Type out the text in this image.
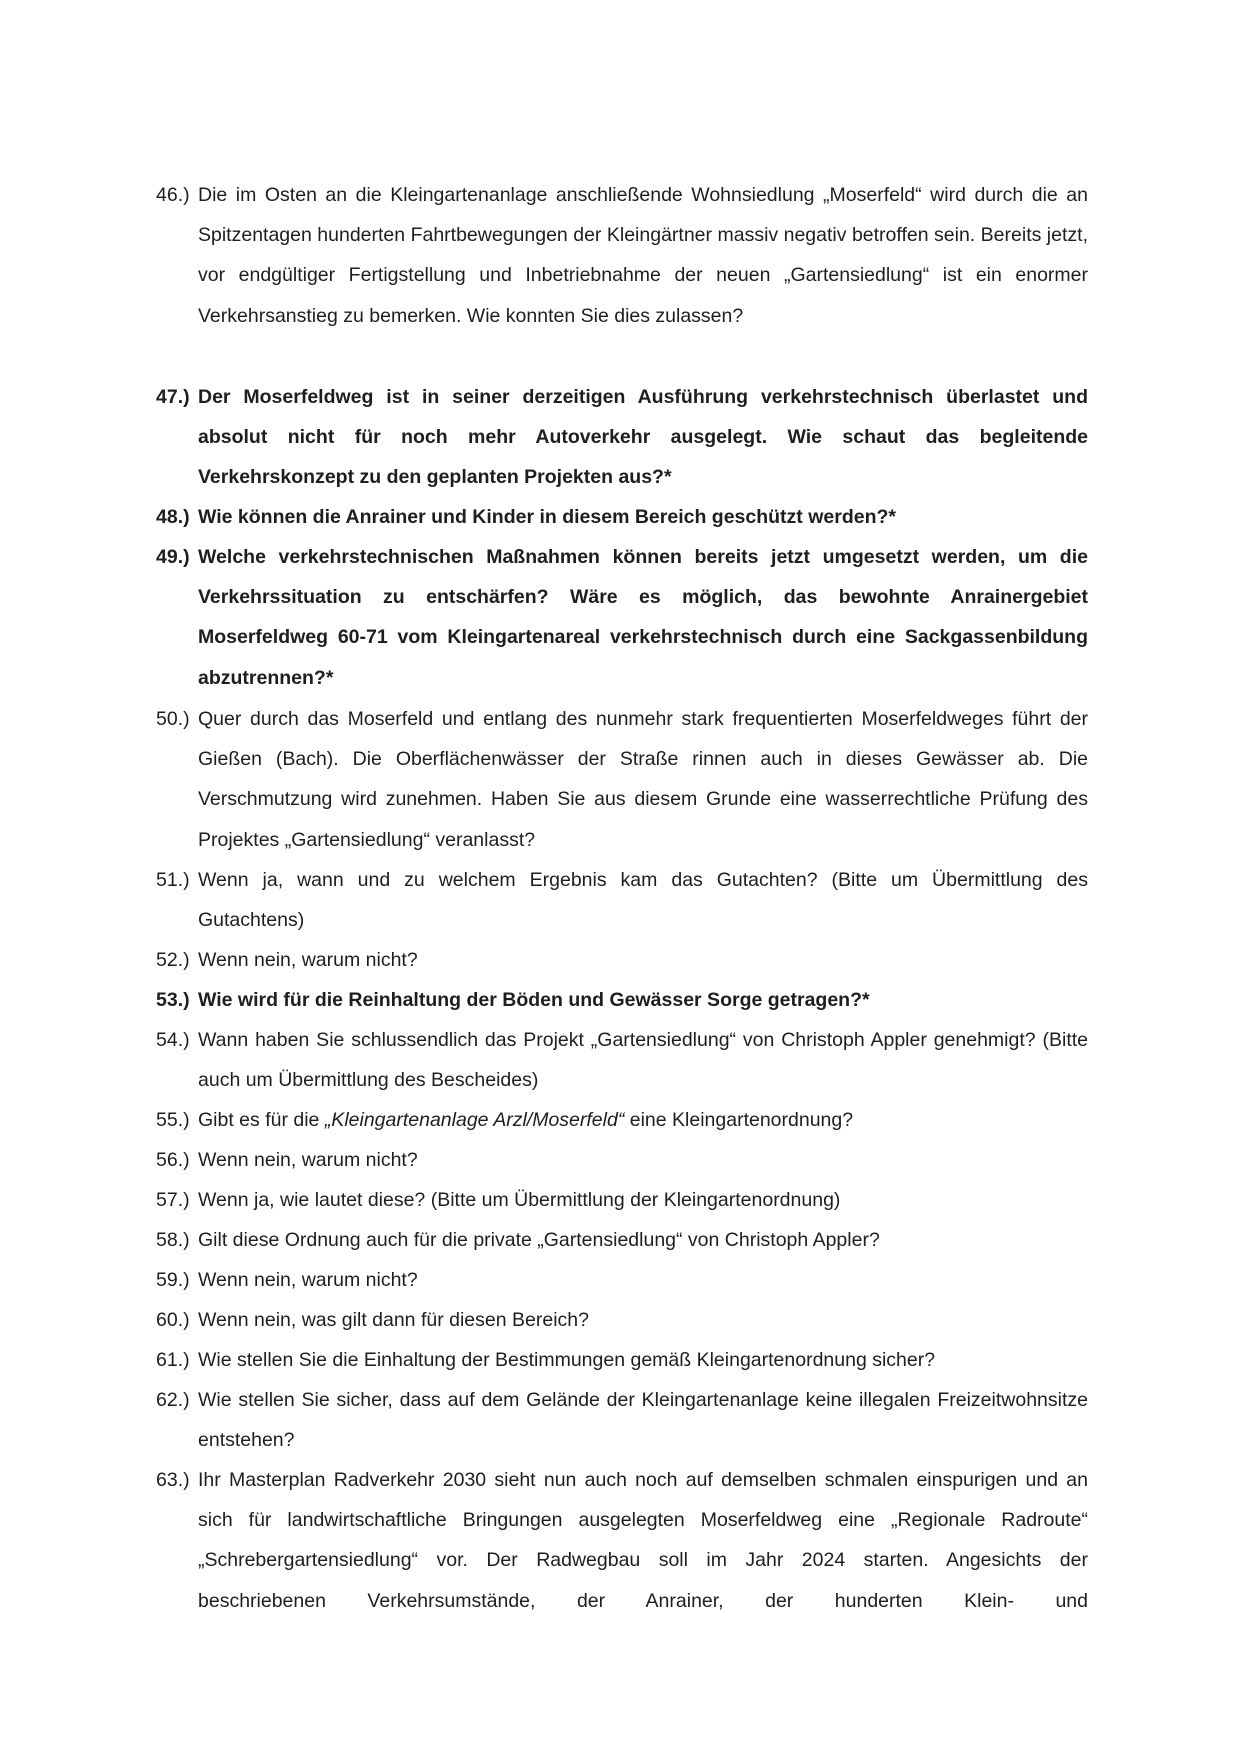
46.) Die im Osten an die Kleingartenanlage anschließende Wohnsiedlung „Moserfeld“ wird durch die an Spitzentagen hunderten Fahrtbewegungen der Kleingärtner massiv negativ betroffen sein. Bereits jetzt, vor endgültiger Fertigstellung und Inbetriebnahme der neuen „Gartensiedlung“ ist ein enormer Verkehrsanstieg zu bemerken. Wie konnten Sie dies zulassen?

47.) Der Moserfeldweg ist in seiner derzeitigen Ausführung verkehrstechnisch überlastet und absolut nicht für noch mehr Autoverkehr ausgelegt. Wie schaut das begleitende Verkehrskonzept zu den geplanten Projekten aus?*

48.) Wie können die Anrainer und Kinder in diesem Bereich geschützt werden?*

49.) Welche verkehrstechnischen Maßnahmen können bereits jetzt umgesetzt werden, um die Verkehrssituation zu entschärfen? Wäre es möglich, das bewohnte Anrainergebiet Moserfeldweg 60-71 vom Kleingartenareal verkehrstechnisch durch eine Sackgassenbildung abzutrennen?*

50.) Quer durch das Moserfeld und entlang des nunmehr stark frequentierten Moserfeldweges führt der Gießen (Bach). Die Oberflächenwässer der Straße rinnen auch in dieses Gewässer ab. Die Verschmutzung wird zunehmen. Haben Sie aus diesem Grunde eine wasserrechtliche Prüfung des Projektes „Gartensiedlung“ veranlasst?

51.) Wenn ja, wann und zu welchem Ergebnis kam das Gutachten? (Bitte um Übermittlung des Gutachtens)

52.) Wenn nein, warum nicht?

53.) Wie wird für die Reinhaltung der Böden und Gewässer Sorge getragen?*

54.) Wann haben Sie schlussendlich das Projekt „Gartensiedlung“ von Christoph Appler genehmigt? (Bitte auch um Übermittlung des Bescheides)

55.) Gibt es für die „Kleingartenanlage Arzl/Moserfeld“ eine Kleingartenordnung?

56.) Wenn nein, warum nicht?

57.) Wenn ja, wie lautet diese? (Bitte um Übermittlung der Kleingartenordnung)

58.) Gilt diese Ordnung auch für die private „Gartensiedlung“ von Christoph Appler?

59.) Wenn nein, warum nicht?

60.) Wenn nein, was gilt dann für diesen Bereich?

61.) Wie stellen Sie die Einhaltung der Bestimmungen gemäß Kleingartenordnung sicher?

62.) Wie stellen Sie sicher, dass auf dem Gelände der Kleingartenanlage keine illegalen Freizeitwohnsitze entstehen?

63.) Ihr Masterplan Radverkehr 2030 sieht nun auch noch auf demselben schmalen einspurigen und an sich für landwirtschaftliche Bringungen ausgelegten Moserfeldweg eine „Regionale Radroute“ „Schrebergartensiedlung“ vor. Der Radwegbau soll im Jahr 2024 starten. Angesichts der beschriebenen Verkehrsumstände, der Anrainer, der hunderten Klein- und
